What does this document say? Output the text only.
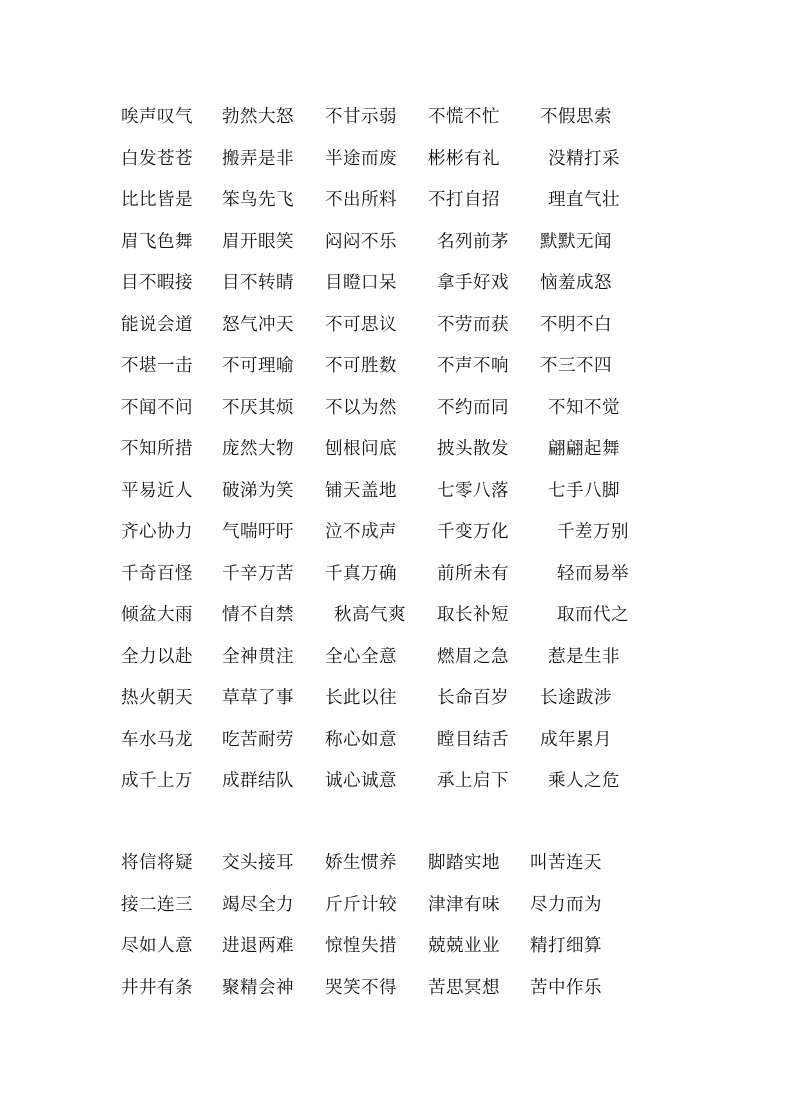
唉声叹气 勃然大怒 不甘示弱 不慌不忙 不假思索
白发苍苍 搬弄是非 半途而废 彬彬有礼	没精打采
比比皆是 笨鸟先飞 不出所料 不打自招	理直气壮
眉飞色舞 眉开眼笑 闷闷不乐 名列前茅 默默无闻
目不暇接 目不转睛 目瞪口呆 拿手好戏 恼羞成怒
能说会道 怒气冲天 不可思议 不劳而获 不明不白
不堪一击 不可理喻 不可胜数 不声不响 不三不四
不闻不问 不厌其烦 不以为然 不约而同 不知不觉
不知所措 庞然大物 刨根问底 披头散发 翩翩起舞
平易近人 破涕为笑 铺天盖地 七零八落 七手八脚
齐心协力 气喘吁吁 泣不成声 千变万化	千差万别
千奇百怪 千辛万苦 千真万确 前所未有	轻而易举
倾盆大雨 情不自禁 秋高气爽 取长补短	取而代之
全力以赴 全神贯注 全心全意 燃眉之急 惹是生非
热火朝天 草草了事 长此以往 长命百岁 长途跋涉
车水马龙 吃苦耐劳 称心如意 瞠目结舌 成年累月
成千上万 成群结队 诚心诚意 承上启下 乘人之危
将信将疑 交头接耳 娇生惯养 脚踏实地 叫苦连天
接二连三 竭尽全力 斤斤计较 津津有味 尽力而为
尽如人意 进退两难 惊惶失措 兢兢业业 精打细算
井井有条 聚精会神 哭笑不得 苦思冥想 苦中作乐
